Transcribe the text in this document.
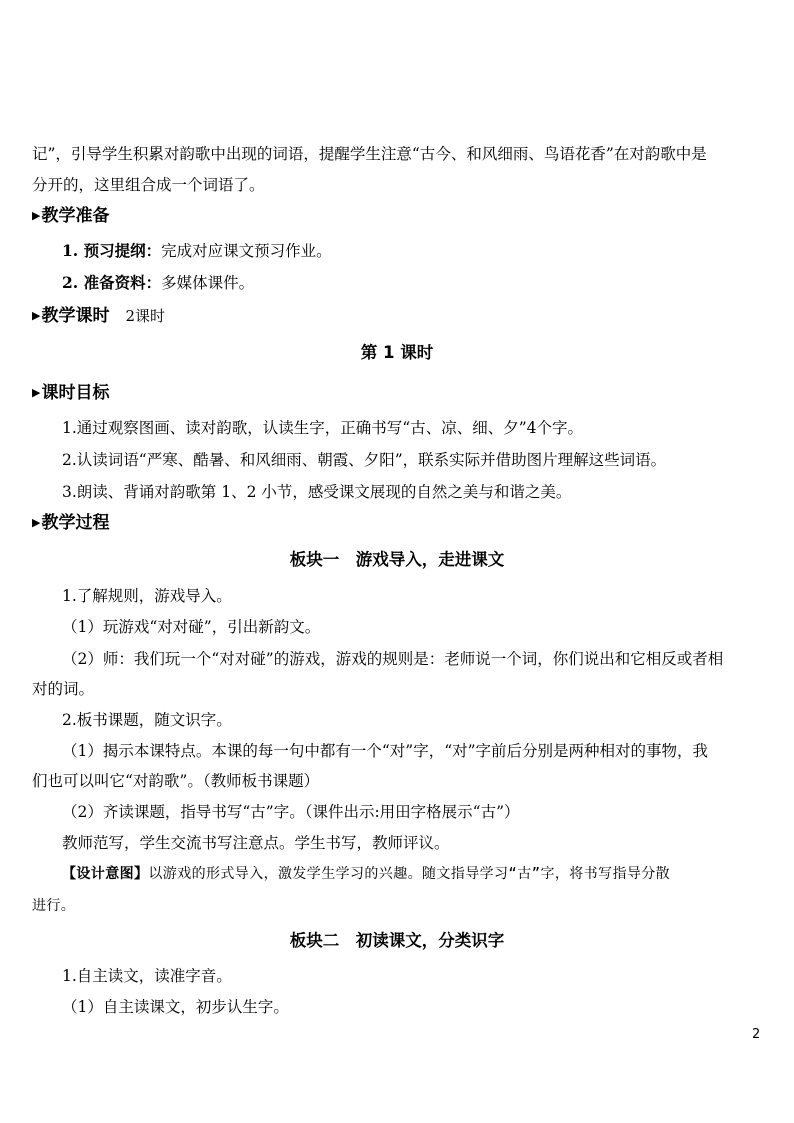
记”，引导学生积累对韵歌中出现的词语，提醒学生注意“古今、和风细雨、鸟语花香”在对韵歌中是
分开的，这里组合成一个词语了。
▶教学准备
1. 预习提纲：完成对应课文预习作业。
2. 准备资料：多媒体课件。
▶教学课时 2课时
第 1 课时
▶课时目标
1.通过观察图画、读对韵歌，认读生字，正确书写“古、凉、细、夕”4个字。
2.认读词语“严寒、酷暑、和风细雨、朝霞、夕阳”，联系实际并借助图片理解这些词语。
3.朗读、背诵对韵歌第 1、2 小节，感受课文展现的自然之美与和谐之美。
▶教学过程
板块一　游戏导入，走进课文
1.了解规则，游戏导入。
（1）玩游戏“对对碰”，引出新韵文。
（2）师：我们玩一个“对对碰”的游戏，游戏的规则是：老师说一个词，你们说出和它相反或者相
对的词。
2.板书课题，随文识字。
（1）揭示本课特点。本课的每一句中都有一个“对”字，“对”字前后分别是两种相对的事物，我
们也可以叫它“对韵歌”。（教师板书课题）
（2）齐读课题，指导书写“古”字。（课件出示:用田字格展示“古”）
教师范写，学生交流书写注意点。学生书写，教师评议。
【设计意图】以游戏的形式导入，激发学生学习的兴趣。随文指导学习“古”字，将书写指导分散
进行。
板块二　初读课文，分类识字
1.自主读文，读准字音。
（1）自主读课文，初步认生字。
2
